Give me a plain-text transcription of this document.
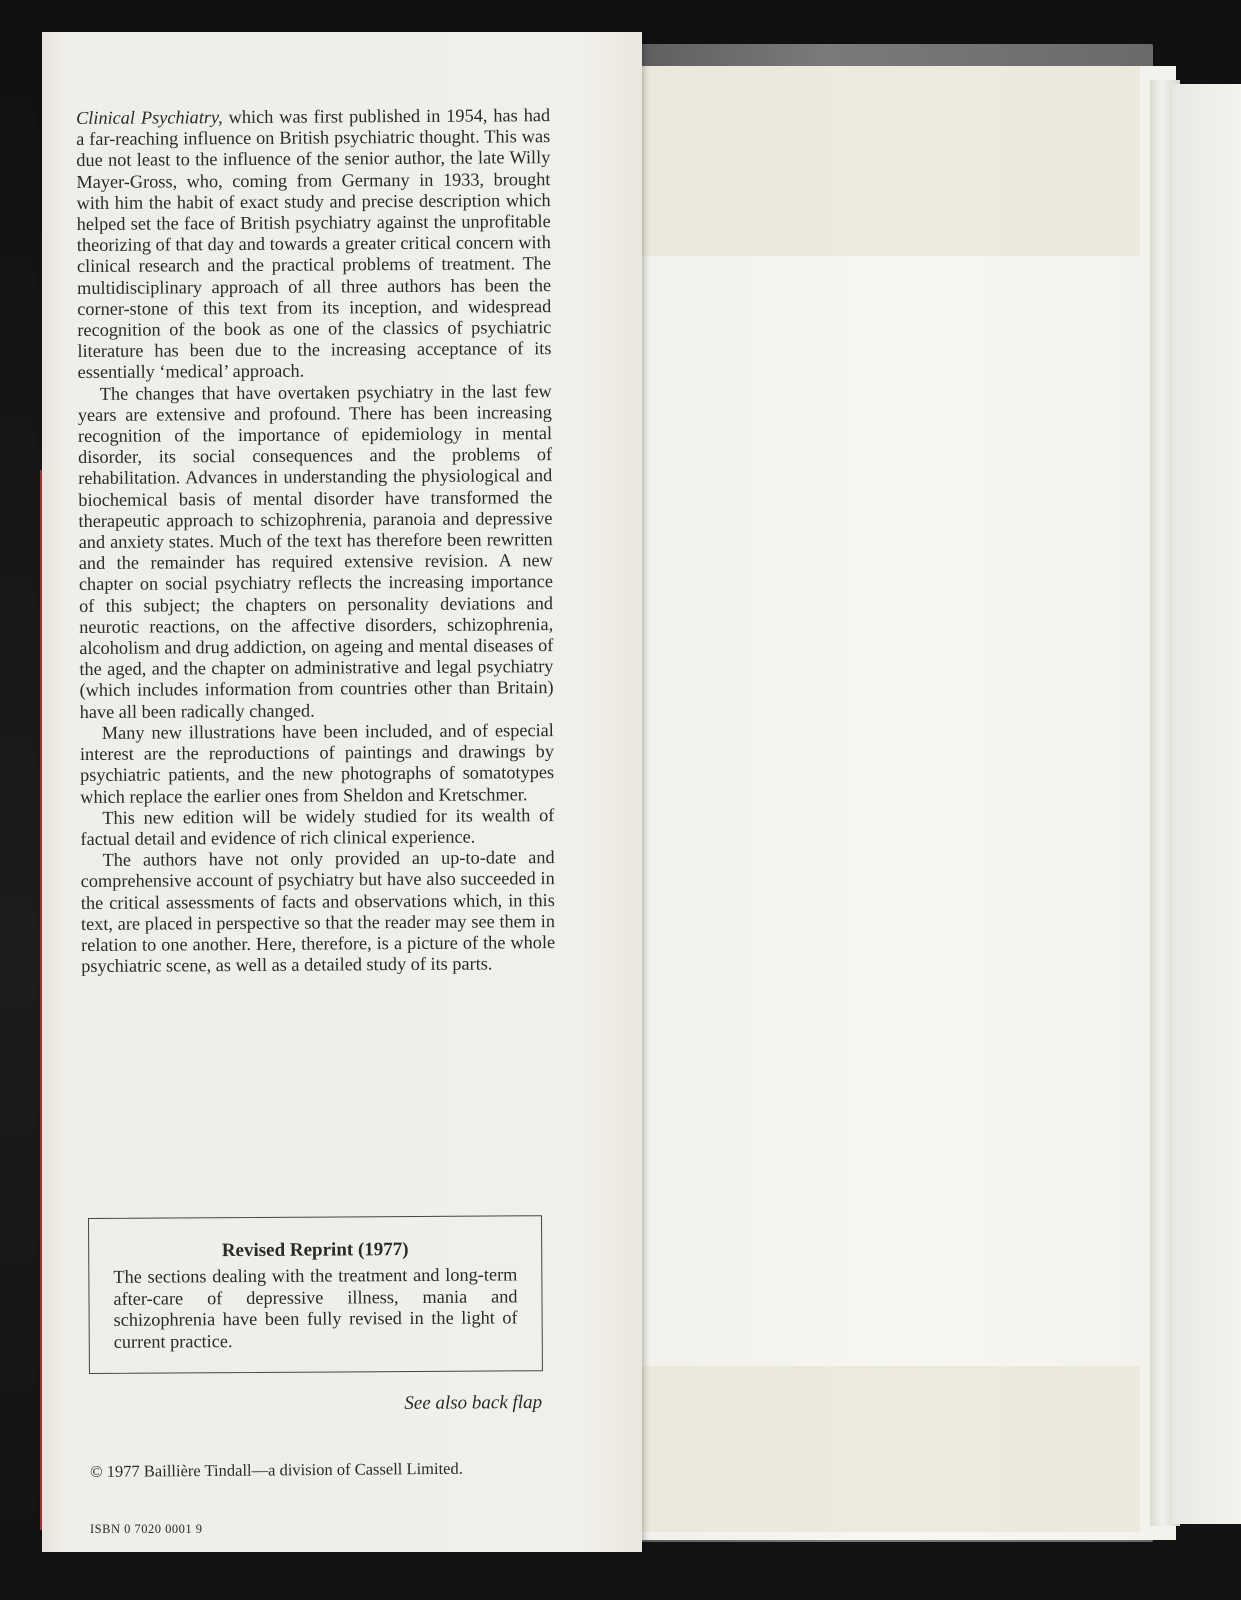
Clinical Psychiatry, which was first published in 1954, has had a far-reaching influence on British psychiatric thought. This was due not least to the influence of the senior author, the late Willy Mayer-Gross, who, coming from Germany in 1933, brought with him the habit of exact study and precise description which helped set the face of British psychiatry against the unprofitable theorizing of that day and towards a greater critical concern with clinical research and the practical problems of treatment. The multidisciplinary approach of all three authors has been the corner-stone of this text from its inception, and widespread recognition of the book as one of the classics of psychiatric literature has been due to the increasing acceptance of its essentially ‘medical’ approach.

The changes that have overtaken psychiatry in the last few years are extensive and profound. There has been increasing recognition of the importance of epidemiology in mental disorder, its social consequences and the problems of rehabilitation. Advances in understanding the physiological and biochemical basis of mental disorder have transformed the therapeutic approach to schizophrenia, paranoia and depressive and anxiety states. Much of the text has therefore been rewritten and the remainder has required extensive revision. A new chapter on social psychiatry reflects the increasing importance of this subject; the chapters on personality deviations and neurotic reactions, on the affective disorders, schizophrenia, alcoholism and drug addiction, on ageing and mental diseases of the aged, and the chapter on administrative and legal psychiatry (which includes information from countries other than Britain) have all been radically changed.

Many new illustrations have been included, and of especial interest are the reproductions of paintings and drawings by psychiatric patients, and the new photographs of somatotypes which replace the earlier ones from Sheldon and Kretschmer.

This new edition will be widely studied for its wealth of factual detail and evidence of rich clinical experience.

The authors have not only provided an up-to-date and comprehensive account of psychiatry but have also succeeded in the critical assessments of facts and observations which, in this text, are placed in perspective so that the reader may see them in relation to one another. Here, therefore, is a picture of the whole psychiatric scene, as well as a detailed study of its parts.

Revised Reprint (1977)

The sections dealing with the treatment and long-term after-care of depressive illness, mania and schizophrenia have been fully revised in the light of current practice.

See also back flap
© 1977 Baillière Tindall—a division of Cassell Limited.
ISBN 0 7020 0001 9
